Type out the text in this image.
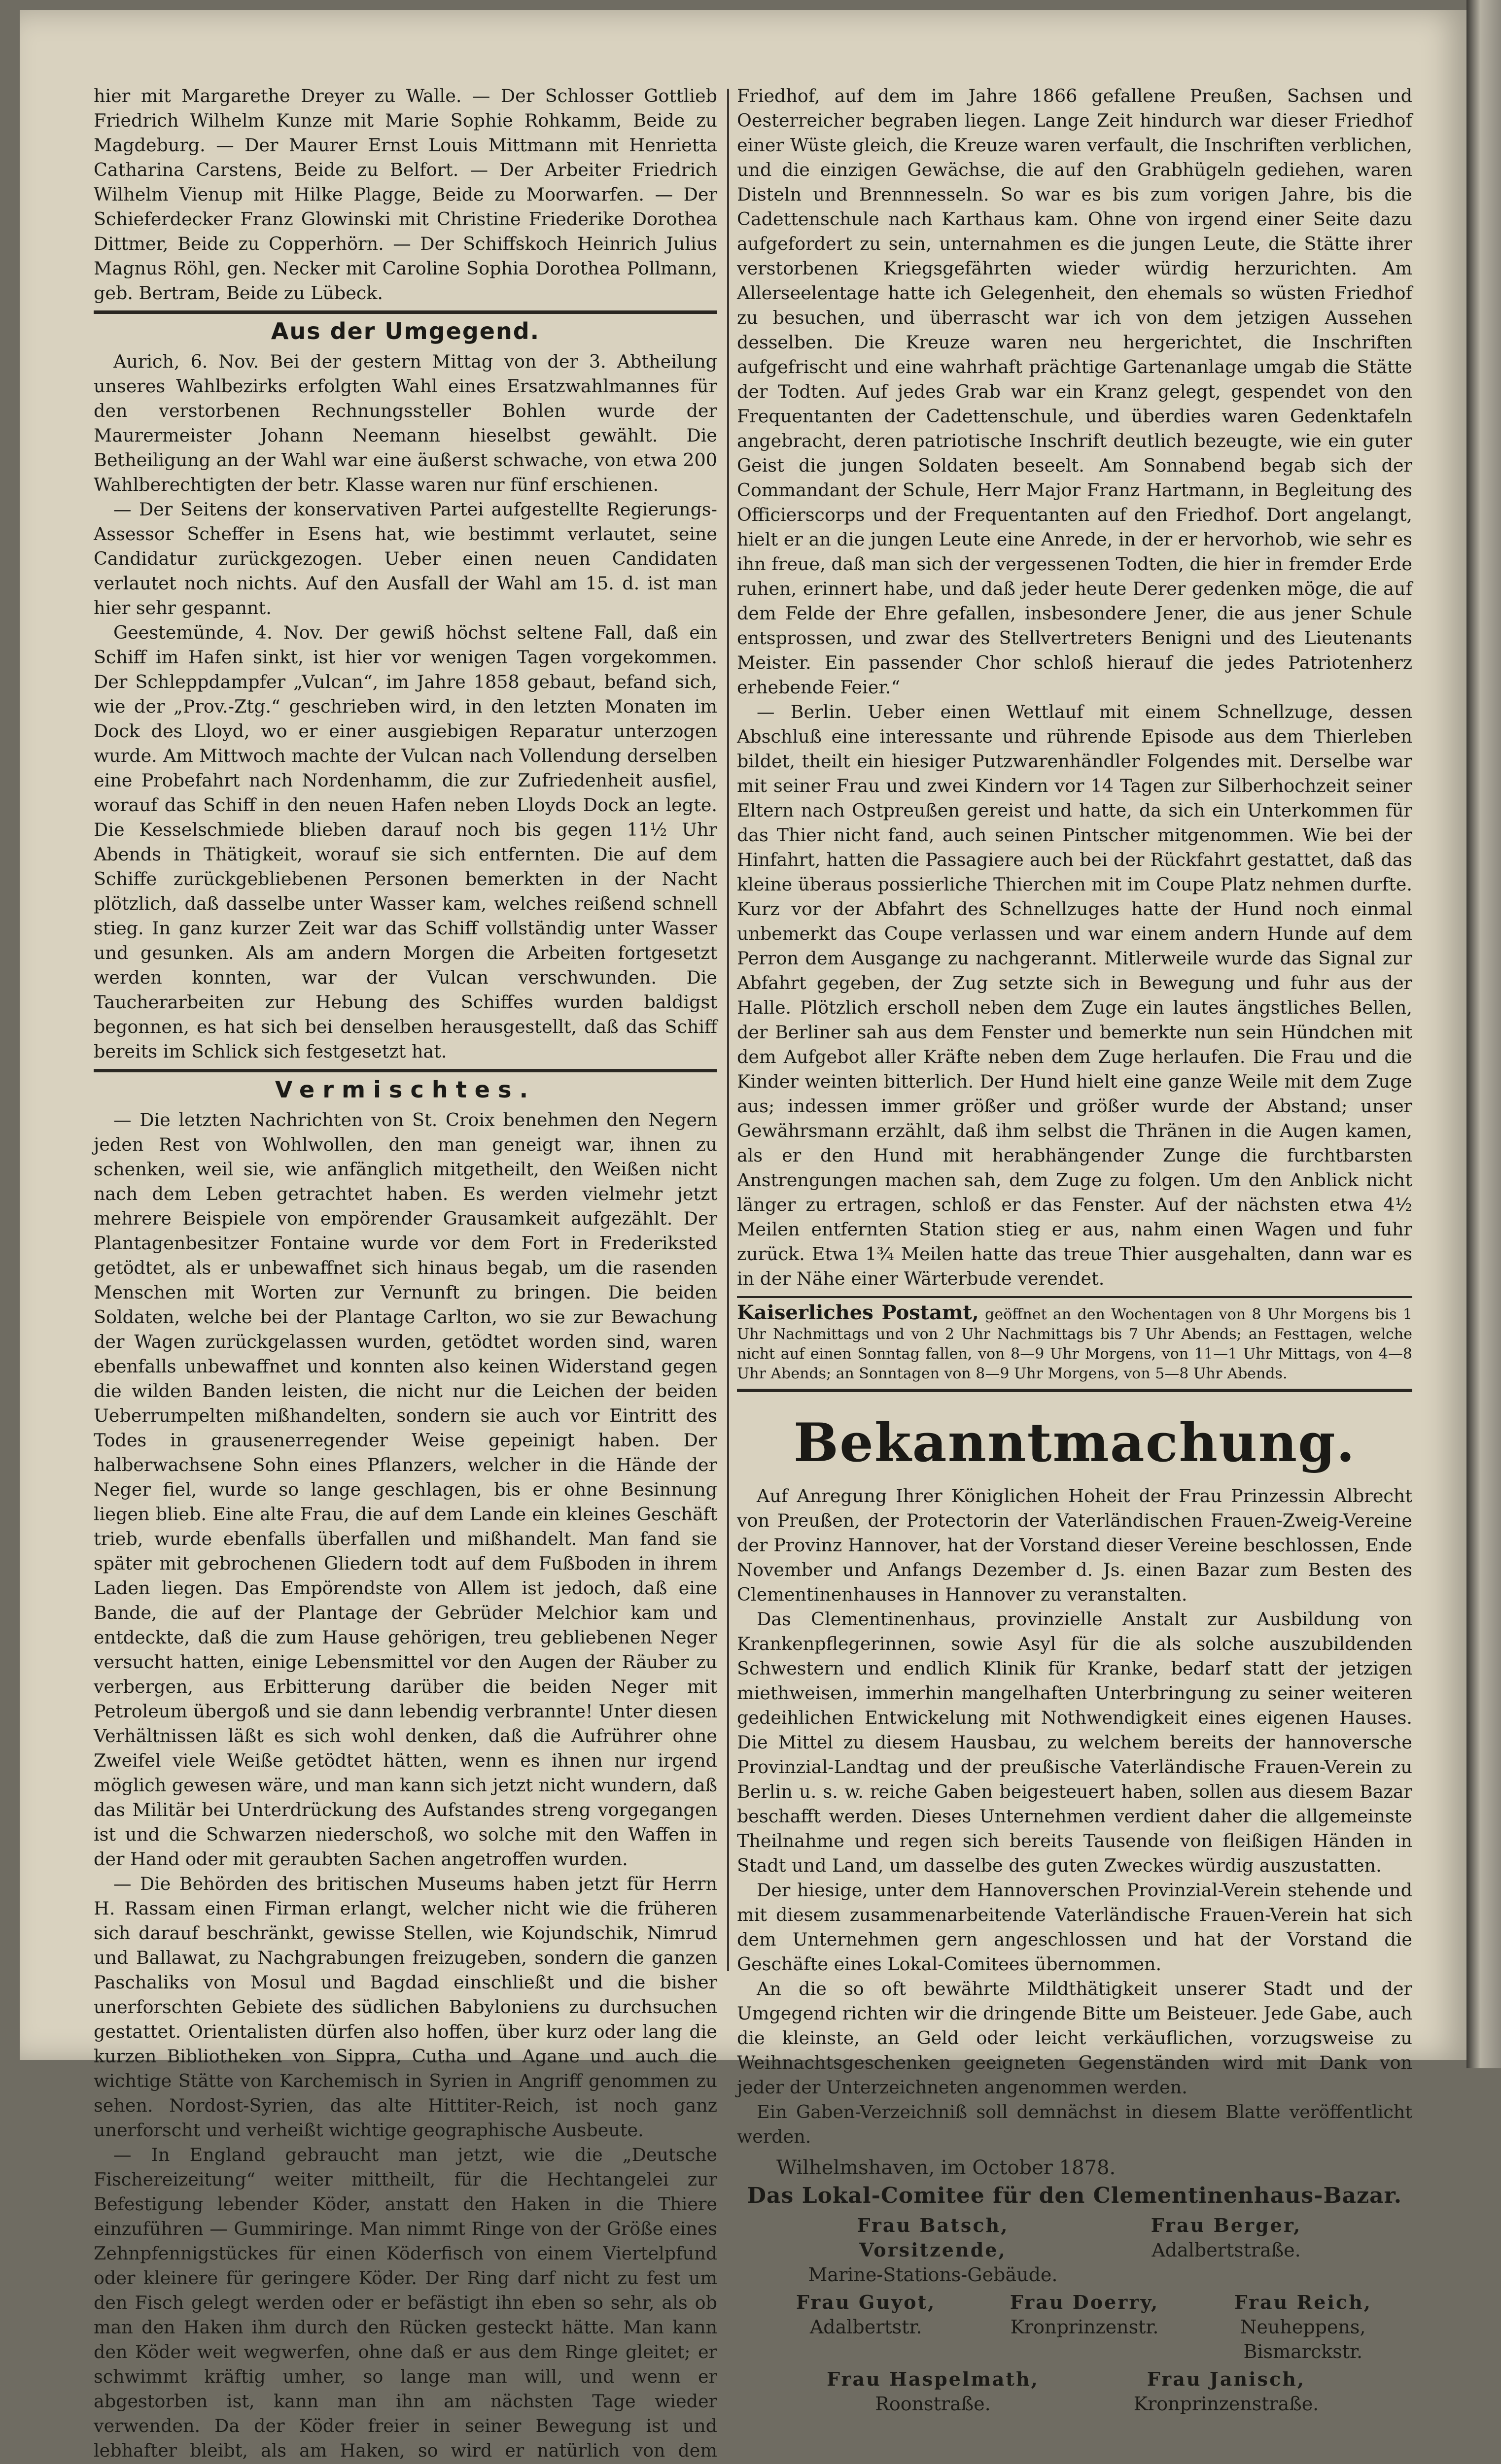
hier mit Margarethe Dreyer zu Walle. — Der Schlosser Gottlieb Friedrich Wilhelm Kunze mit Marie Sophie Rohkamm, Beide zu Magdeburg. — Der Maurer Ernst Louis Mittmann mit Henrietta Catharina Carstens, Beide zu Belfort. — Der Arbeiter Friedrich Wilhelm Vienup mit Hilke Plagge, Beide zu Moorwarfen. — Der Schieferdecker Franz Glowinski mit Christine Friederike Dorothea Dittmer, Beide zu Copperhörn. — Der Schiffskoch Heinrich Julius Magnus Röhl, gen. Necker mit Caroline Sophia Dorothea Pollmann, geb. Bertram, Beide zu Lübeck.

Aus der Umgegend.

Aurich, 6. Nov. Bei der gestern Mittag von der 3. Abtheilung unseres Wahlbezirks erfolgten Wahl eines Ersatzwahlmannes für den verstorbenen Rechnungssteller Bohlen wurde der Maurermeister Johann Neemann hieselbst gewählt. Die Betheiligung an der Wahl war eine äußerst schwache, von etwa 200 Wahlberechtigten der betr. Klasse waren nur fünf erschienen.

— Der Seitens der konservativen Partei aufgestellte Regierungs-Assessor Scheffer in Esens hat, wie bestimmt verlautet, seine Candidatur zurückgezogen. Ueber einen neuen Candidaten verlautet noch nichts. Auf den Ausfall der Wahl am 15. d. ist man hier sehr gespannt.

Geestemünde, 4. Nov. Der gewiß höchst seltene Fall, daß ein Schiff im Hafen sinkt, ist hier vor wenigen Tagen vorgekommen. Der Schleppdampfer „Vulcan“, im Jahre 1858 gebaut, befand sich, wie der „Prov.-Ztg.“ geschrieben wird, in den letzten Monaten im Dock des Lloyd, wo er einer ausgiebigen Reparatur unterzogen wurde. Am Mittwoch machte der Vulcan nach Vollendung derselben eine Probefahrt nach Nordenhamm, die zur Zufriedenheit ausfiel, worauf das Schiff in den neuen Hafen neben Lloyds Dock an legte. Die Kesselschmiede blieben darauf noch bis gegen 11½ Uhr Abends in Thätigkeit, worauf sie sich entfernten. Die auf dem Schiffe zurückgebliebenen Personen bemerkten in der Nacht plötzlich, daß dasselbe unter Wasser kam, welches reißend schnell stieg. In ganz kurzer Zeit war das Schiff vollständig unter Wasser und gesunken. Als am andern Morgen die Arbeiten fortgesetzt werden konnten, war der Vulcan verschwunden. Die Taucherarbeiten zur Hebung des Schiffes wurden baldigst begonnen, es hat sich bei denselben herausgestellt, daß das Schiff bereits im Schlick sich festgesetzt hat.

Vermischtes.

— Die letzten Nachrichten von St. Croix benehmen den Negern jeden Rest von Wohlwollen, den man geneigt war, ihnen zu schenken, weil sie, wie anfänglich mitgetheilt, den Weißen nicht nach dem Leben getrachtet haben. Es werden vielmehr jetzt mehrere Beispiele von empörender Grausamkeit aufgezählt. Der Plantagenbesitzer Fontaine wurde vor dem Fort in Frederiksted getödtet, als er unbewaffnet sich hinaus begab, um die rasenden Menschen mit Worten zur Vernunft zu bringen. Die beiden Soldaten, welche bei der Plantage Carlton, wo sie zur Bewachung der Wagen zurückgelassen wurden, getödtet worden sind, waren ebenfalls unbewaffnet und konnten also keinen Widerstand gegen die wilden Banden leisten, die nicht nur die Leichen der beiden Ueberrumpelten mißhandelten, sondern sie auch vor Eintritt des Todes in grausenerregender Weise gepeinigt haben. Der halberwachsene Sohn eines Pflanzers, welcher in die Hände der Neger fiel, wurde so lange geschlagen, bis er ohne Besinnung liegen blieb. Eine alte Frau, die auf dem Lande ein kleines Geschäft trieb, wurde ebenfalls überfallen und mißhandelt. Man fand sie später mit gebrochenen Gliedern todt auf dem Fußboden in ihrem Laden liegen. Das Empörendste von Allem ist jedoch, daß eine Bande, die auf der Plantage der Gebrüder Melchior kam und entdeckte, daß die zum Hause gehörigen, treu gebliebenen Neger versucht hatten, einige Lebensmittel vor den Augen der Räuber zu verbergen, aus Erbitterung darüber die beiden Neger mit Petroleum übergoß und sie dann lebendig verbrannte! Unter diesen Verhältnissen läßt es sich wohl denken, daß die Aufrührer ohne Zweifel viele Weiße getödtet hätten, wenn es ihnen nur irgend möglich gewesen wäre, und man kann sich jetzt nicht wundern, daß das Militär bei Unterdrückung des Aufstandes streng vorgegangen ist und die Schwarzen niederschoß, wo solche mit den Waffen in der Hand oder mit geraubten Sachen angetroffen wurden.

— Die Behörden des britischen Museums haben jetzt für Herrn H. Rassam einen Firman erlangt, welcher nicht wie die früheren sich darauf beschränkt, gewisse Stellen, wie Kojundschik, Nimrud und Ballawat, zu Nachgrabungen freizugeben, sondern die ganzen Paschaliks von Mosul und Bagdad einschließt und die bisher unerforschten Gebiete des südlichen Babyloniens zu durchsuchen gestattet. Orientalisten dürfen also hoffen, über kurz oder lang die kurzen Bibliotheken von Sippra, Cutha und Agane und auch die wichtige Stätte von Karchemisch in Syrien in Angriff genommen zu sehen. Nordost-Syrien, das alte Hittiter-Reich, ist noch ganz unerforscht und verheißt wichtige geographische Ausbeute.

— In England gebraucht man jetzt, wie die „Deutsche Fischereizeitung“ weiter mittheilt, für die Hechtangelei zur Befestigung lebender Köder, anstatt den Haken in die Thiere einzuführen — Gummiringe. Man nimmt Ringe von der Größe eines Zehnpfennigstückes für einen Köderfisch von einem Viertelpfund oder kleinere für geringere Köder. Der Ring darf nicht zu fest um den Fisch gelegt werden oder er befästigt ihn eben so sehr, als ob man den Haken ihm durch den Rücken gesteckt hätte. Man kann den Köder weit wegwerfen, ohne daß er aus dem Ringe gleitet; er schwimmt kräftig umher, so lange man will, und wenn er abgestorben ist, kann man ihn am nächsten Tage wieder verwenden. Da der Köder freier in seiner Bewegung ist und lebhafter bleibt, als am Haken, so wird er natürlich von dem

Friedhof, auf dem im Jahre 1866 gefallene Preußen, Sachsen und Oesterreicher begraben liegen. Lange Zeit hindurch war dieser Friedhof einer Wüste gleich, die Kreuze waren verfault, die Inschriften verblichen, und die einzigen Gewächse, die auf den Grabhügeln gediehen, waren Disteln und Brennnesseln. So war es bis zum vorigen Jahre, bis die Cadettenschule nach Karthaus kam. Ohne von irgend einer Seite dazu aufgefordert zu sein, unternahmen es die jungen Leute, die Stätte ihrer verstorbenen Kriegsgefährten wieder würdig herzurichten. Am Allerseelentage hatte ich Gelegenheit, den ehemals so wüsten Friedhof zu besuchen, und überrascht war ich von dem jetzigen Aussehen desselben. Die Kreuze waren neu hergerichtet, die Inschriften aufgefrischt und eine wahrhaft prächtige Gartenanlage umgab die Stätte der Todten. Auf jedes Grab war ein Kranz gelegt, gespendet von den Frequentanten der Cadettenschule, und überdies waren Gedenktafeln angebracht, deren patriotische Inschrift deutlich bezeugte, wie ein guter Geist die jungen Soldaten beseelt. Am Sonnabend begab sich der Commandant der Schule, Herr Major Franz Hartmann, in Begleitung des Officierscorps und der Frequentanten auf den Friedhof. Dort angelangt, hielt er an die jungen Leute eine Anrede, in der er hervorhob, wie sehr es ihn freue, daß man sich der vergessenen Todten, die hier in fremder Erde ruhen, erinnert habe, und daß jeder heute Derer gedenken möge, die auf dem Felde der Ehre gefallen, insbesondere Jener, die aus jener Schule entsprossen, und zwar des Stellvertreters Benigni und des Lieutenants Meister. Ein passender Chor schloß hierauf die jedes Patriotenherz erhebende Feier.“

— Berlin. Ueber einen Wettlauf mit einem Schnellzuge, dessen Abschluß eine interessante und rührende Episode aus dem Thierleben bildet, theilt ein hiesiger Putzwarenhändler Folgendes mit. Derselbe war mit seiner Frau und zwei Kindern vor 14 Tagen zur Silberhochzeit seiner Eltern nach Ostpreußen gereist und hatte, da sich ein Unterkommen für das Thier nicht fand, auch seinen Pintscher mitgenommen. Wie bei der Hinfahrt, hatten die Passagiere auch bei der Rückfahrt gestattet, daß das kleine überaus possierliche Thierchen mit im Coupe Platz nehmen durfte. Kurz vor der Abfahrt des Schnellzuges hatte der Hund noch einmal unbemerkt das Coupe verlassen und war einem andern Hunde auf dem Perron dem Ausgange zu nachgerannt. Mitlerweile wurde das Signal zur Abfahrt gegeben, der Zug setzte sich in Bewegung und fuhr aus der Halle. Plötzlich erscholl neben dem Zuge ein lautes ängstliches Bellen, der Berliner sah aus dem Fenster und bemerkte nun sein Hündchen mit dem Aufgebot aller Kräfte neben dem Zuge herlaufen. Die Frau und die Kinder weinten bitterlich. Der Hund hielt eine ganze Weile mit dem Zuge aus; indessen immer größer und größer wurde der Abstand; unser Gewährsmann erzählt, daß ihm selbst die Thränen in die Augen kamen, als er den Hund mit herabhängender Zunge die furchtbarsten Anstrengungen machen sah, dem Zuge zu folgen. Um den Anblick nicht länger zu ertragen, schloß er das Fenster. Auf der nächsten etwa 4½ Meilen entfernten Station stieg er aus, nahm einen Wagen und fuhr zurück. Etwa 1¾ Meilen hatte das treue Thier ausgehalten, dann war es in der Nähe einer Wärterbude verendet.

Kaiserliches Postamt, geöffnet an den Wochentagen von 8 Uhr Morgens bis 1 Uhr Nachmittags und von 2 Uhr Nachmittags bis 7 Uhr Abends; an Festtagen, welche nicht auf einen Sonntag fallen, von 8—9 Uhr Morgens, von 11—1 Uhr Mittags, von 4—8 Uhr Abends; an Sonntagen von 8—9 Uhr Morgens, von 5—8 Uhr Abends.
Bekanntmachung.

Auf Anregung Ihrer Königlichen Hoheit der Frau Prinzessin Albrecht von Preußen, der Protectorin der Vaterländischen Frauen-Zweig-Vereine der Provinz Hannover, hat der Vorstand dieser Vereine beschlossen, Ende November und Anfangs Dezember d. Js. einen Bazar zum Besten des Clementinenhauses in Hannover zu veranstalten.

Das Clementinenhaus, provinzielle Anstalt zur Ausbildung von Krankenpflegerinnen, sowie Asyl für die als solche auszubildenden Schwestern und endlich Klinik für Kranke, bedarf statt der jetzigen miethweisen, immerhin mangelhaften Unterbringung zu seiner weiteren gedeihlichen Entwickelung mit Nothwendigkeit eines eigenen Hauses. Die Mittel zu diesem Hausbau, zu welchem bereits der hannoversche Provinzial-Landtag und der preußische Vaterländische Frauen-Verein zu Berlin u. s. w. reiche Gaben beigesteuert haben, sollen aus diesem Bazar beschafft werden. Dieses Unternehmen verdient daher die allgemeinste Theilnahme und regen sich bereits Tausende von fleißigen Händen in Stadt und Land, um dasselbe des guten Zweckes würdig auszustatten.

Der hiesige, unter dem Hannoverschen Provinzial-Verein stehende und mit diesem zusammenarbeitende Vaterländische Frauen-Verein hat sich dem Unternehmen gern angeschlossen und hat der Vorstand die Geschäfte eines Lokal-Comitees übernommen.

An die so oft bewährte Mildthätigkeit unserer Stadt und der Umgegend richten wir die dringende Bitte um Beisteuer. Jede Gabe, auch die kleinste, an Geld oder leicht verkäuflichen, vorzugsweise zu Weihnachtsgeschenken geeigneten Gegenständen wird mit Dank von jeder der Unterzeichneten angenommen werden.

Ein Gaben-Verzeichniß soll demnächst in diesem Blatte veröffentlicht werden.

Wilhelmshaven, im October 1878.
Das Lokal-Comitee für den Clementinenhaus-Bazar.
Frau Batsch, Vorsitzende,
Marine-Stations-Gebäude.
Frau Berger,
Adalbertstraße.
Frau Guyot,
Adalbertstr.
Frau Doerry,
Kronprinzenstr.
Frau Reich,
Neuheppens, Bismarckstr.
Frau Haspelmath,
Roonstraße.
Frau Janisch,
Kronprinzenstraße.
